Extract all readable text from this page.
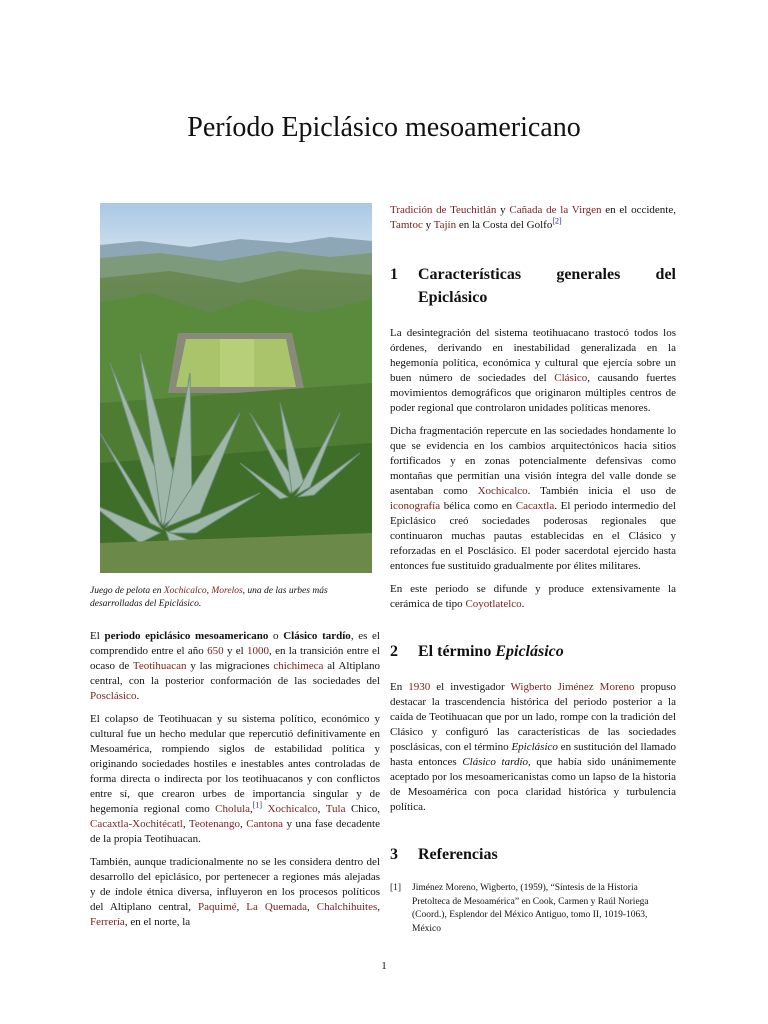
Período Epiclásico mesoamericano

Juego de pelota en Xochicalco, Morelos, una de las urbes más desarrolladas del Epiclásico.

El periodo epiclásico mesoamericano o Clásico tardío, es el comprendido entre el año 650 y el 1000, en la transición entre el ocaso de Teotihuacan y las migraciones chichimeca al Altiplano central, con la posterior conformación de las sociedades del Posclásico.

El colapso de Teotihuacan y su sistema político, económico y cultural fue un hecho medular que repercutió definitivamente en Mesoamérica, rompiendo siglos de estabilidad política y originando sociedades hostiles e inestables antes controladas de forma directa o indirecta por los teotihuacanos y con conflictos entre sí, que crearon urbes de importancia singular y de hegemonía regional como Cholula,[1] Xochicalco, Tula Chico, Cacaxtla-Xochitécatl, Teotenango, Cantona y una fase decadente de la propia Teotihuacan.

También, aunque tradicionalmente no se les considera dentro del desarrollo del epiclásico, por pertenecer a regiones más alejadas y de índole étnica diversa, influyeron en los procesos políticos del Altiplano central, Paquimé, La Quemada, Chalchihuites, Ferrería, en el norte, la

Tradición de Teuchitlán y Cañada de la Virgen en el occidente, Tamtoc y Tajín en la Costa del Golfo[2]

1	Características generales del
Epiclásico

La desintegración del sistema teotihuacano trastocó todos los órdenes, derivando en inestabilidad generalizada en la hegemonía política, económica y cultural que ejercía sobre un buen número de sociedades del Clásico, causando fuertes movimientos demográficos que originaron múltiples centros de poder regional que controlaron unidades políticas menores.

Dicha fragmentación repercute en las sociedades hondamente lo que se evidencia en los cambios arquitectónicos hacia sitios fortificados y en zonas potencialmente defensivas como montañas que permitían una visión íntegra del valle donde se asentaban como Xochicalco. También inicia el uso de iconografía bélica como en Cacaxtla. El periodo intermedio del Epiclásico creó sociedades poderosas regionales que continuaron muchas pautas establecidas en el Clásico y reforzadas en el Posclásico. El poder sacerdotal ejercido hasta entonces fue sustituido gradualmente por élites militares.

En este periodo se difunde y produce extensivamente la cerámica de tipo Coyotlatelco.

2	El término Epiclásico

En 1930 el investigador Wigberto Jiménez Moreno propuso destacar la trascendencia histórica del periodo posterior a la caída de Teotihuacan que por un lado, rompe con la tradición del Clásico y configuró las características de las sociedades posclásicas, con el término Epiclásico en sustitución del llamado hasta entonces Clásico tardío, que había sido unánimemente aceptado por los mesoamericanistas como un lapso de la historia de Mesoamérica con poca claridad histórica y turbulencia política.

3	Referencias
[1]	Jiménez Moreno, Wigberto, (1959), “Síntesis de la Historia Pretolteca de Mesoamérica” en Cook, Carmen y Raúl Noriega (Coord.), Esplendor del México Antiguo, tomo II, 1019-1063, México
1
